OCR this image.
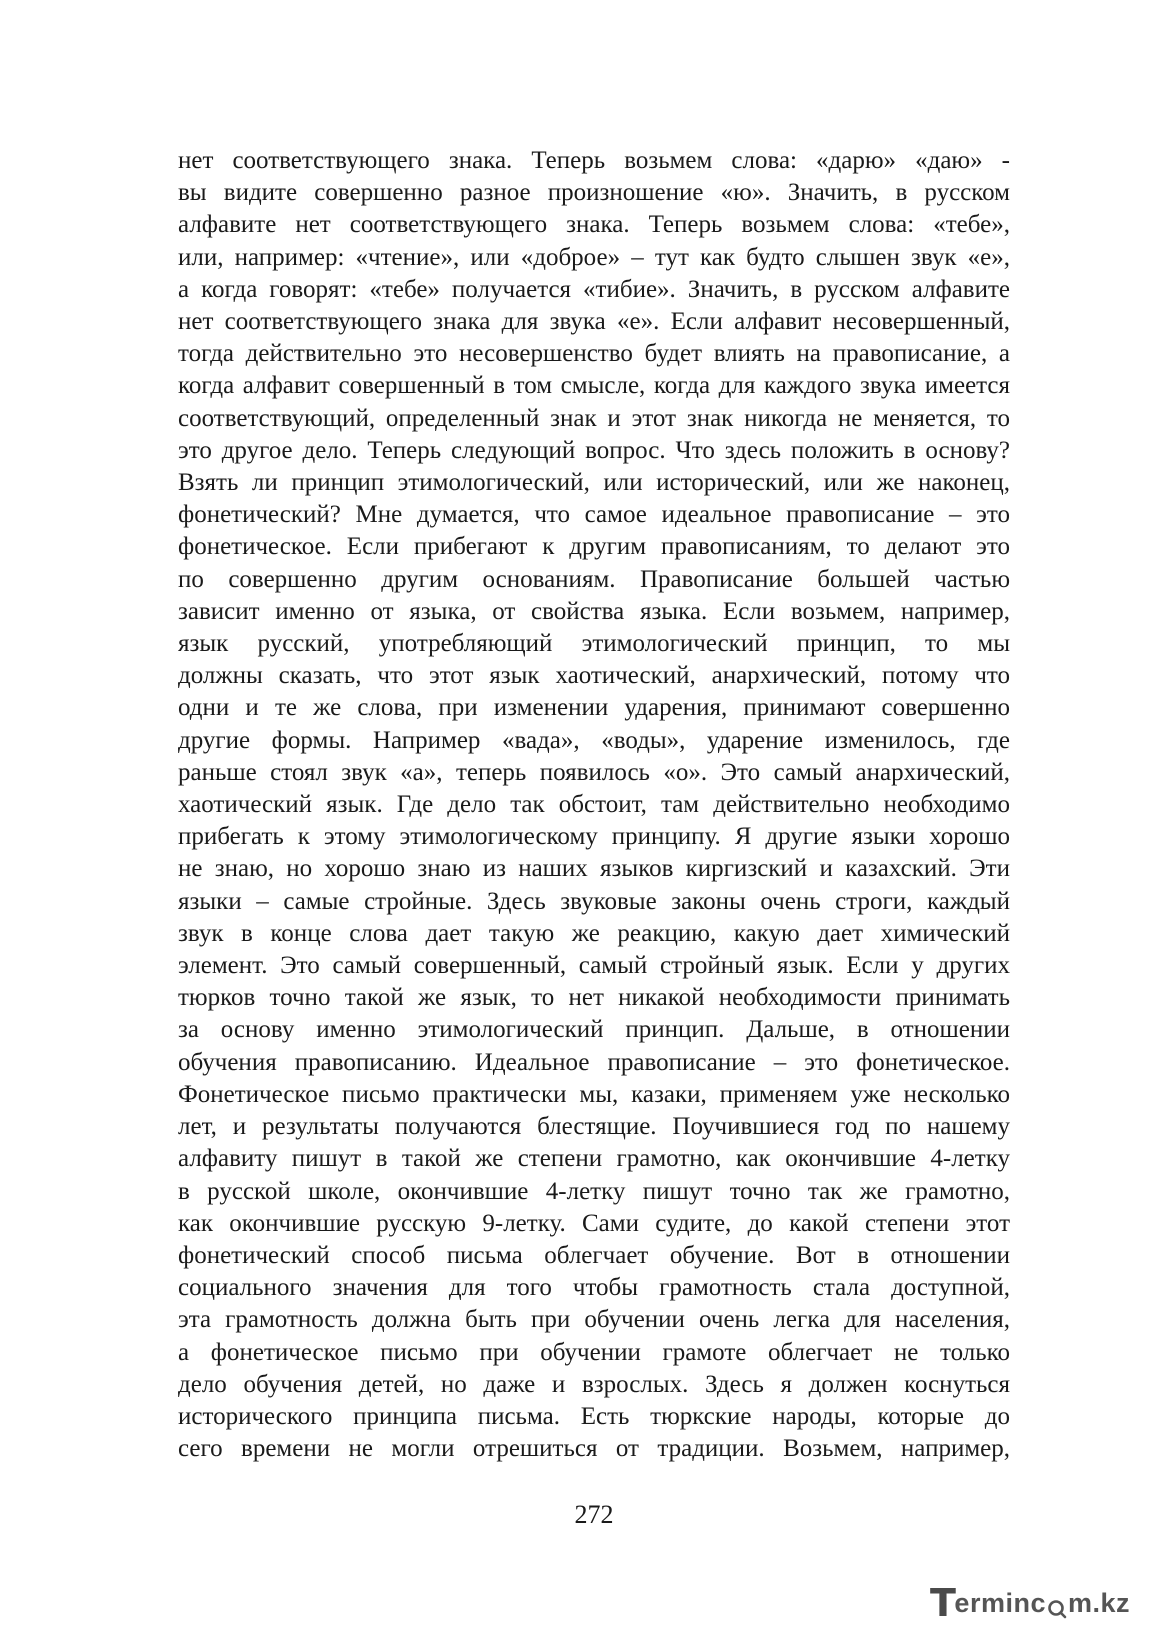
нет соответствующего знака. Теперь возьмем слова: «дарю» «даю» -
вы видите совершенно разное произношение «ю». Значить, в русском
алфавите нет соответствующего знака. Теперь возьмем слова: «тебе»,
или, например: «чтение», или «доброе» – тут как будто слышен звук «е»,
а когда говорят: «тебе» получается «тибие». Значить, в русском алфавите
нет соответствующего знака для звука «е». Если алфавит несовершенный,
тогда действительно это несовершенство будет влиять на правописание, а
когда алфавит совершенный в том смысле, когда для каждого звука имеется
соответствующий, определенный знак и этот знак никогда не меняется, то
это другое дело. Теперь следующий вопрос. Что здесь положить в основу?
Взять ли принцип этимологический, или исторический, или же наконец,
фонетический? Мне думается, что самое идеальное правописание – это
фонетическое. Если прибегают к другим правописаниям, то делают это
по совершенно другим основаниям. Правописание большей частью
зависит именно от языка, от свойства языка. Если возьмем, например,
язык русский, употребляющий этимологический принцип, то мы
должны сказать, что этот язык хаотический, анархический, потому что
одни и те же слова, при изменении ударения, принимают совершенно
другие формы. Например «вада», «воды», ударение изменилось, где
раньше стоял звук «а», теперь появилось «о». Это самый анархический,
хаотический язык. Где дело так обстоит, там действительно необходимо
прибегать к этому этимологическому принципу. Я другие языки хорошо
не знаю, но хорошо знаю из наших языков киргизский и казахский. Эти
языки – самые стройные. Здесь звуковые законы очень строги, каждый
звук в конце слова дает такую же реакцию, какую дает химический
элемент. Это самый совершенный, самый стройный язык. Если у других
тюрков точно такой же язык, то нет никакой необходимости принимать
за основу именно этимологический принцип. Дальше, в отношении
обучения правописанию. Идеальное правописание – это фонетическое.
Фонетическое письмо практически мы, казаки, применяем уже несколько
лет, и результаты получаются блестящие. Поучившиеся год по нашему
алфавиту пишут в такой же степени грамотно, как окончившие 4-летку
в русской школе, окончившие 4-летку пишут точно так же грамотно,
как окончившие русскую 9-летку. Сами судите, до какой степени этот
фонетический способ письма облегчает обучение. Вот в отношении
социального значения для того чтобы грамотность стала доступной,
эта грамотность должна быть при обучении очень легка для населения,
а фонетическое письмо при обучении грамоте облегчает не только
дело обучения детей, но даже и взрослых. Здесь я должен коснуться
исторического принципа письма. Есть тюркские народы, которые до
сего времени не могли отрешиться от традиции. Возьмем, например,
272
T
erminc m.kz
